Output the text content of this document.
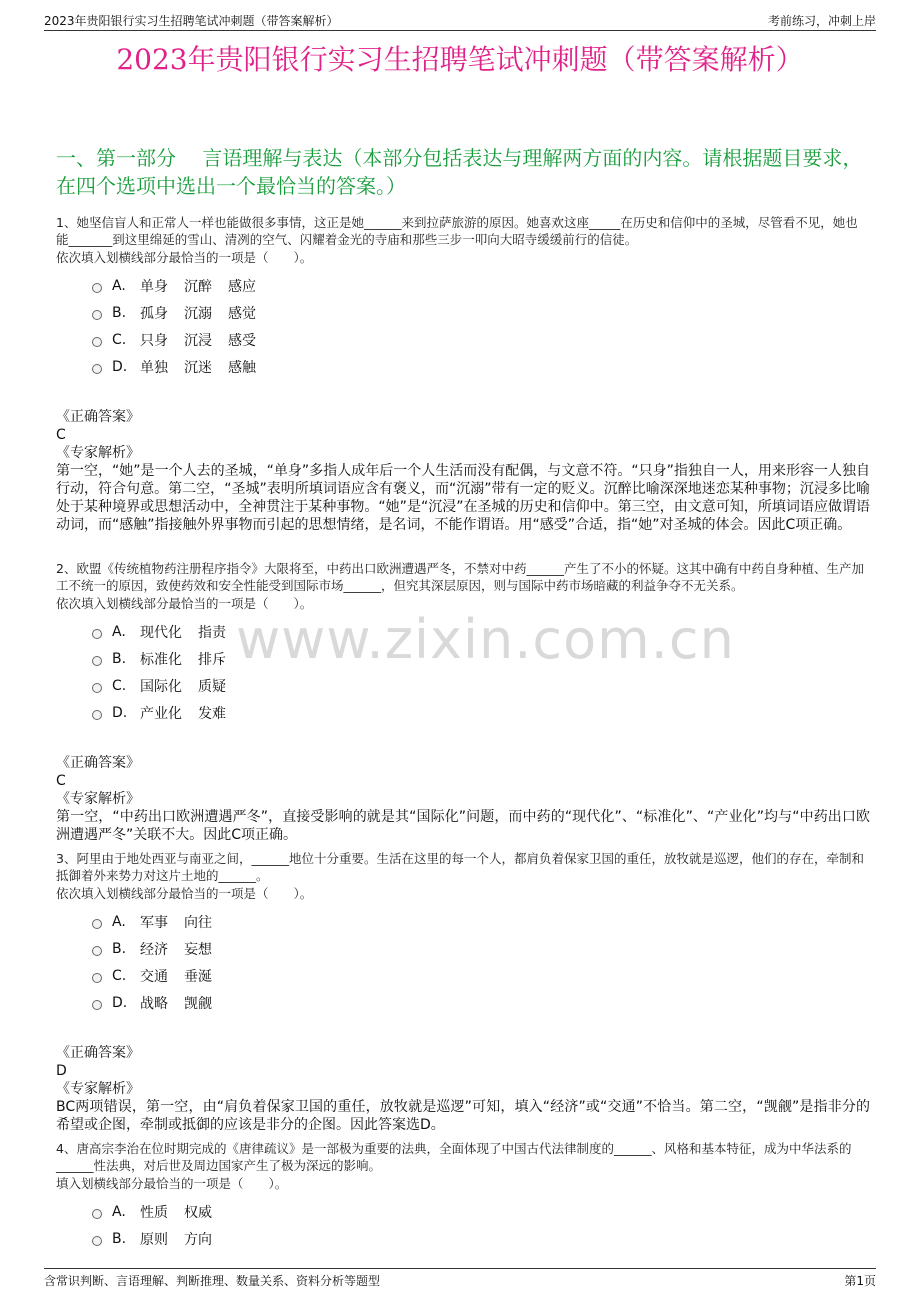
2023年贵阳银行实习生招聘笔试冲刺题（带答案解析）	考前练习，冲刺上岸
2023年贵阳银行实习生招聘笔试冲刺题（带答案解析）
一、第一部分　 言语理解与表达（本部分包括表达与理解两方面的内容。请根据题目要求，在四个选项中选出一个最恰当的答案。）
www.zixin.com.cn
1、她坚信盲人和正常人一样也能做很多事情，这正是她______来到拉萨旅游的原因。她喜欢这座_____在历史和信仰中的圣城，尽管看不见，她也能_______到这里绵延的雪山、清冽的空气、闪耀着金光的寺庙和那些三步一叩向大昭寺缓缓前行的信徒。
依次填入划横线部分最恰当的一项是（　　）。
A.	单身 沉醉 感应
B. 孤身 沉溺 感觉
C. 只身 沉浸 感受
D. 单独 沉迷 感触
《正确答案》
C
《专家解析》
第一空，“她”是一个人去的圣城，“单身”多指人成年后一个人生活而没有配偶，与文意不符。“只身”指独自一人，用来形容一人独自行动，符合句意。第二空，“圣城”表明所填词语应含有褒义，而“沉溺”带有一定的贬义。沉醉比喻深深地迷恋某种事物；沉浸多比喻处于某种境界或思想活动中，全神贯注于某种事物。“她”是“沉浸”在圣城的历史和信仰中。第三空，由文意可知，所填词语应做谓语动词，而“感触”指接触外界事物而引起的思想情绪，是名词，不能作谓语。用“感受”合适，指“她”对圣城的体会。因此C项正确。
2、欧盟《传统植物药注册程序指令》大限将至，中药出口欧洲遭遇严冬，不禁对中药______产生了不小的怀疑。这其中确有中药自身种植、生产加工不统一的原因，致使药效和安全性能受到国际市场______，但究其深层原因，则与国际中药市场暗藏的利益争夺不无关系。
依次填入划横线部分最恰当的一项是（　　）。
A.	现代化 指责
B. 标准化 排斥
C. 国际化 质疑
D. 产业化 发难
《正确答案》
C
《专家解析》
第一空，“中药出口欧洲遭遇严冬”，直接受影响的就是其“国际化”问题，而中药的“现代化”、“标准化”、“产业化”均与“中药出口欧洲遭遇严冬”关联不大。因此C项正确。
3、阿里由于地处西亚与南亚之间，______地位十分重要。生活在这里的每一个人，都肩负着保家卫国的重任，放牧就是巡逻，他们的存在，牵制和抵御着外来势力对这片土地的______。
依次填入划横线部分最恰当的一项是（　　）。
A.	军事 向往
B. 经济 妄想
C. 交通 垂涎
D. 战略 觊觎
《正确答案》
D
《专家解析》
BC两项错误，第一空，由“肩负着保家卫国的重任，放牧就是巡逻”可知，填入“经济”或“交通”不恰当。第二空，“觊觎”是指非分的希望或企图，牵制或抵御的应该是非分的企图。因此答案选D。
4、唐高宗李治在位时期完成的《唐律疏议》是一部极为重要的法典，全面体现了中国古代法律制度的______、风格和基本特征，成为中华法系的______性法典，对后世及周边国家产生了极为深远的影响。
填入划横线部分最恰当的一项是（　　）。
A.	性质 权威
B. 原则 方向
含常识判断、言语理解、判断推理、数量关系、资料分析等题型	第1页
